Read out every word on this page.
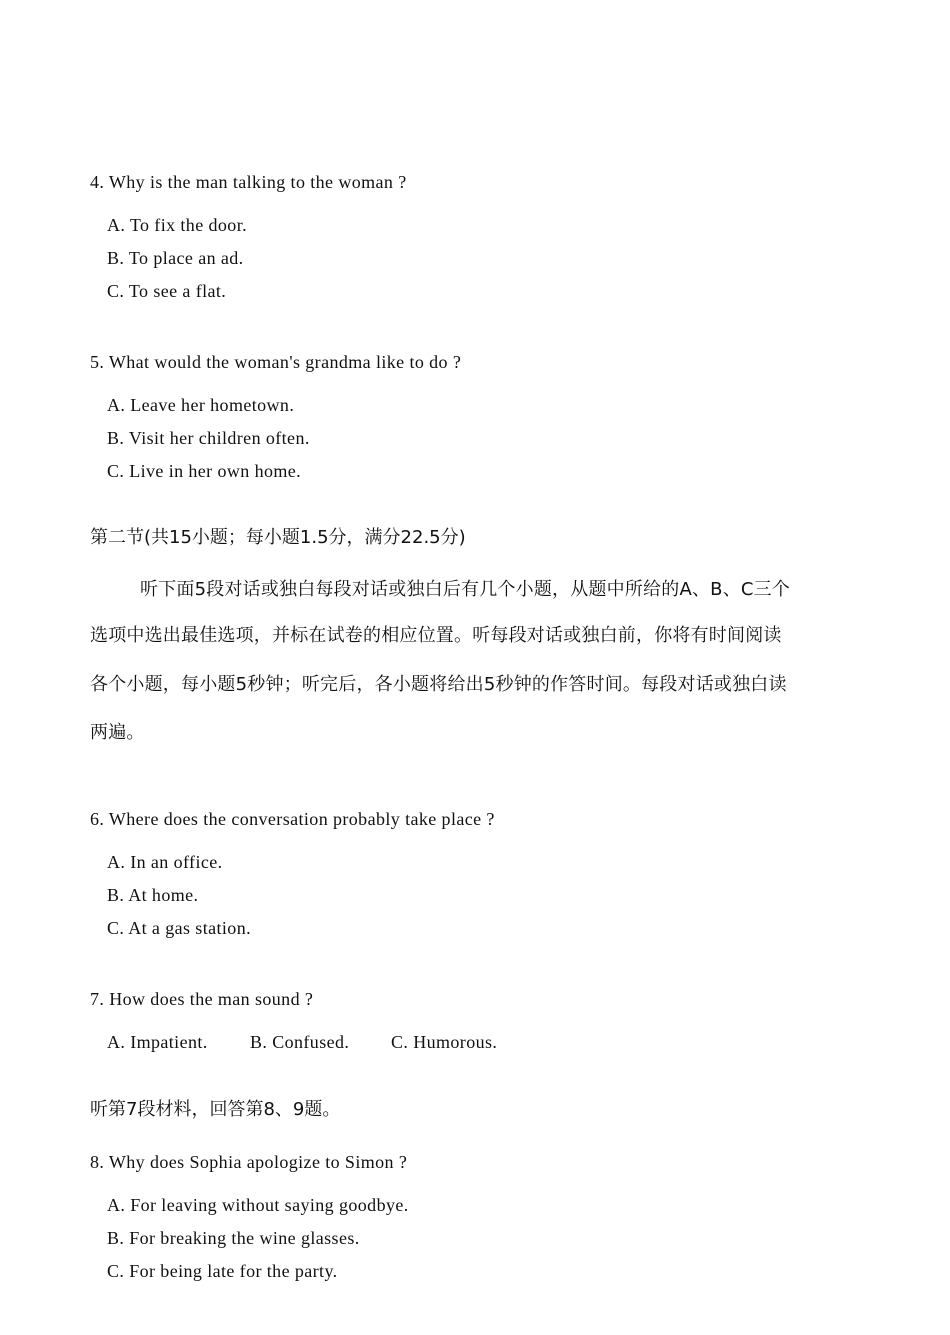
4. Why is the man talking to the woman ?
A. To fix the door.
B. To place an ad.
C. To see a flat.
5. What would the woman's grandma like to do ?
A. Leave her hometown.
B. Visit her children often.
C. Live in her own home.
第二节(共15小题；每小题1.5分，满分22.5分)
听下面5段对话或独白每段对话或独白后有几个小题，从题中所给的A、B、C三个
选项中选出最佳选项，并标在试卷的相应位置。听每段对话或独白前，你将有时间阅读
各个小题，每小题5秒钟；听完后，各小题将给出5秒钟的作答时间。每段对话或独白读
两遍。
6. Where does the conversation probably take place ?
A. In an office.
B. At home.
C. At a gas station.
7. How does the man sound ?
A. Impatient. B. Confused. C. Humorous.
听第7段材料，回答第8、9题。
8. Why does Sophia apologize to Simon ?
A. For leaving without saying goodbye.
B. For breaking the wine glasses.
C. For being late for the party.
